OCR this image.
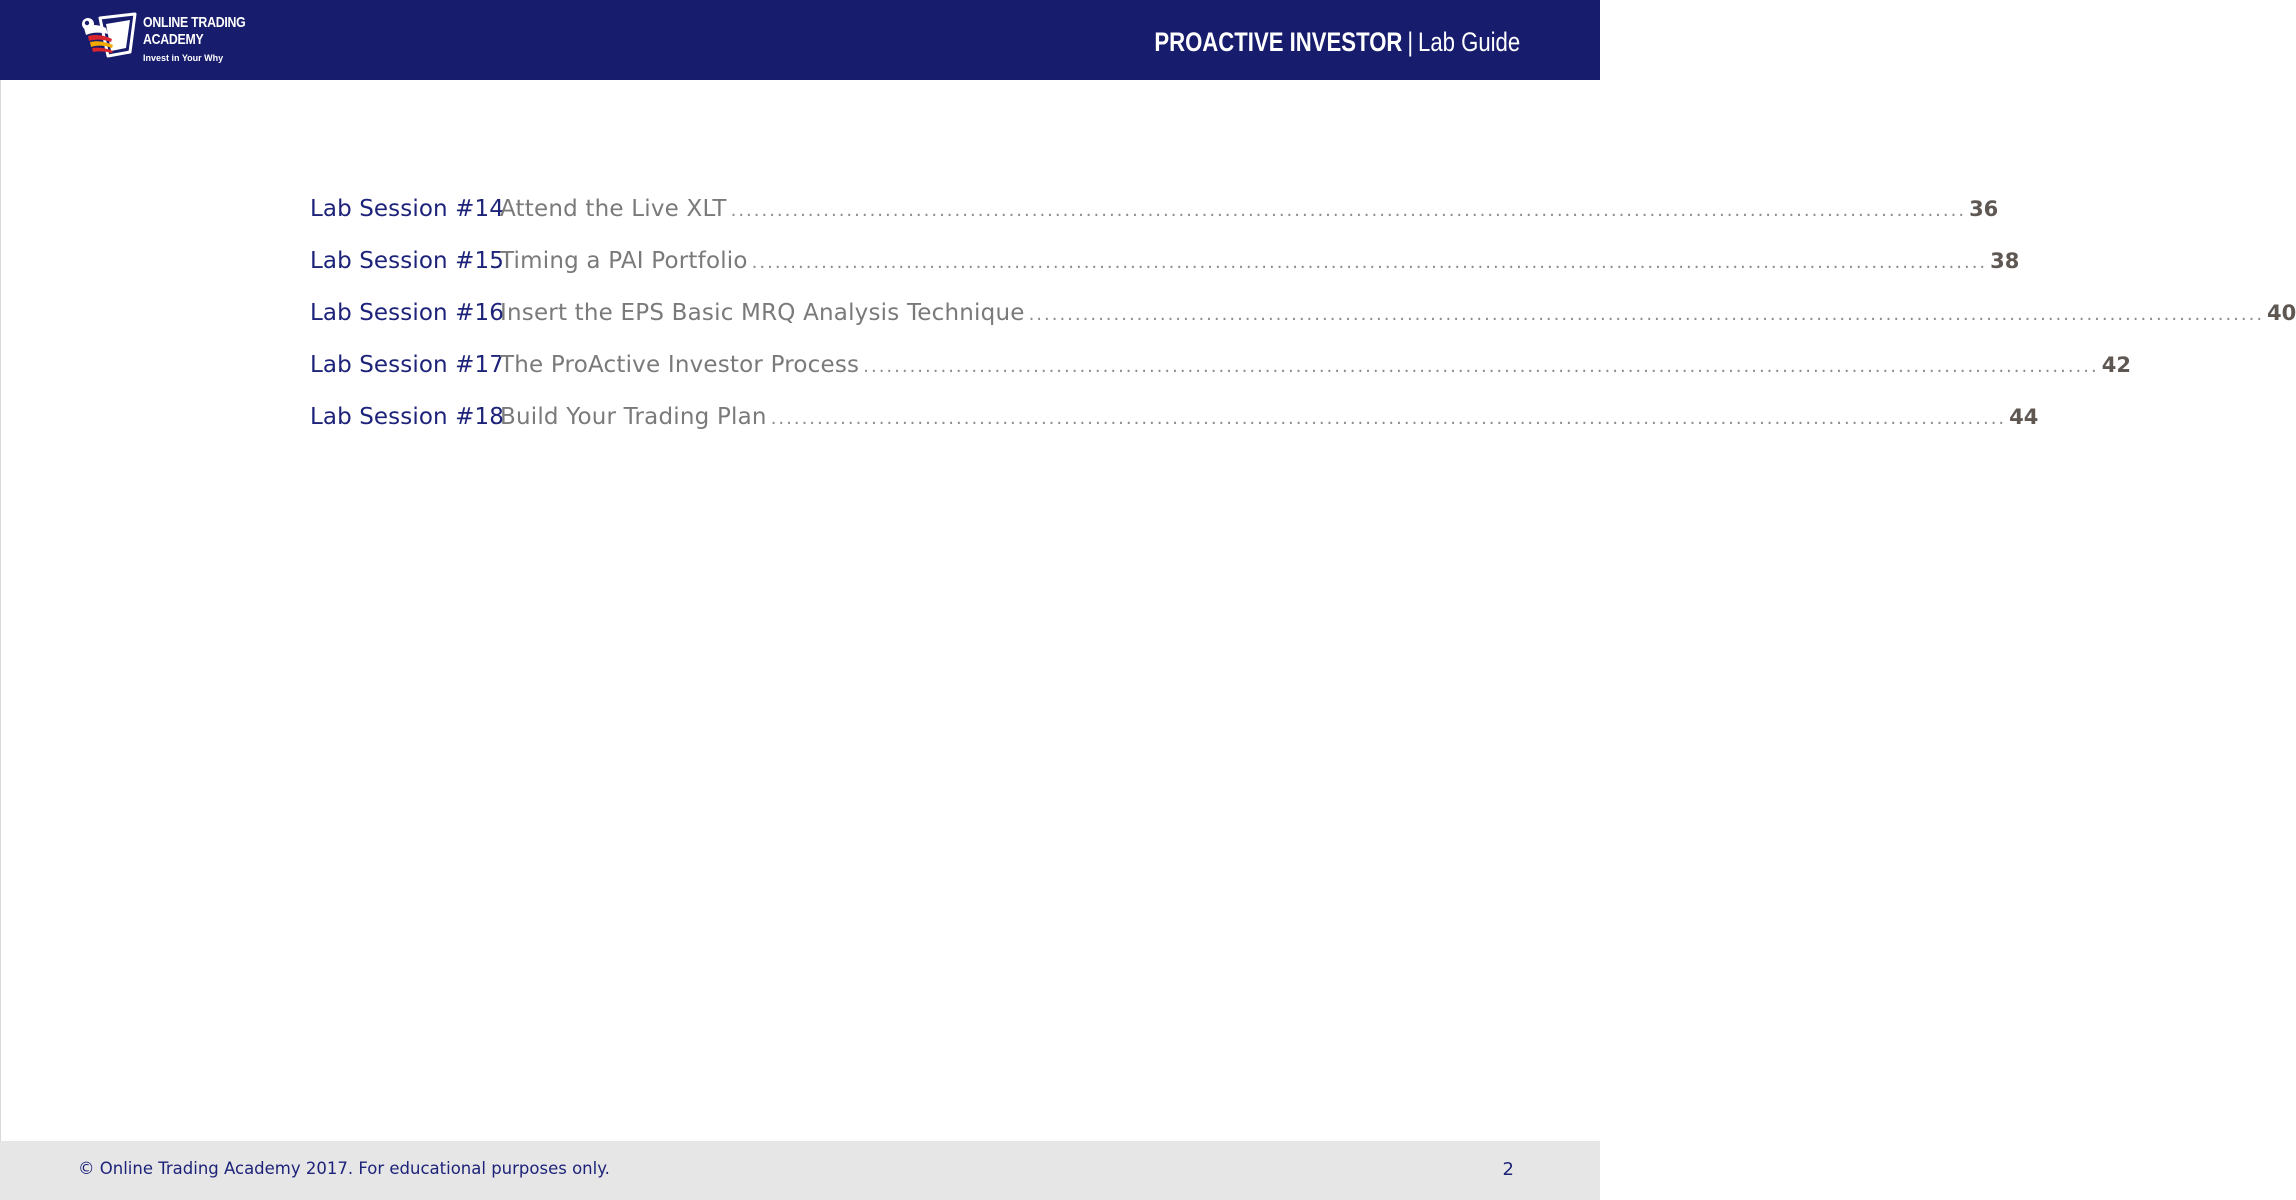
ONLINE TRADING
ACADEMY
Invest in Your Why
PROACTIVE INVESTOR | Lab Guide
Lab Session #14
Attend the Live XLT ................................................................................................................................................................ 36
Lab Session #15
Timing a PAI Portfolio ................................................................................................................................................................ 38
Lab Session #16
Insert the EPS Basic MRQ Analysis Technique ................................................................................................................................................................ 40
Lab Session #17
The ProActive Investor Process ................................................................................................................................................................ 42
Lab Session #18
Build Your Trading Plan ................................................................................................................................................................ 44
© Online Trading Academy 2017. For educational purposes only.	2
